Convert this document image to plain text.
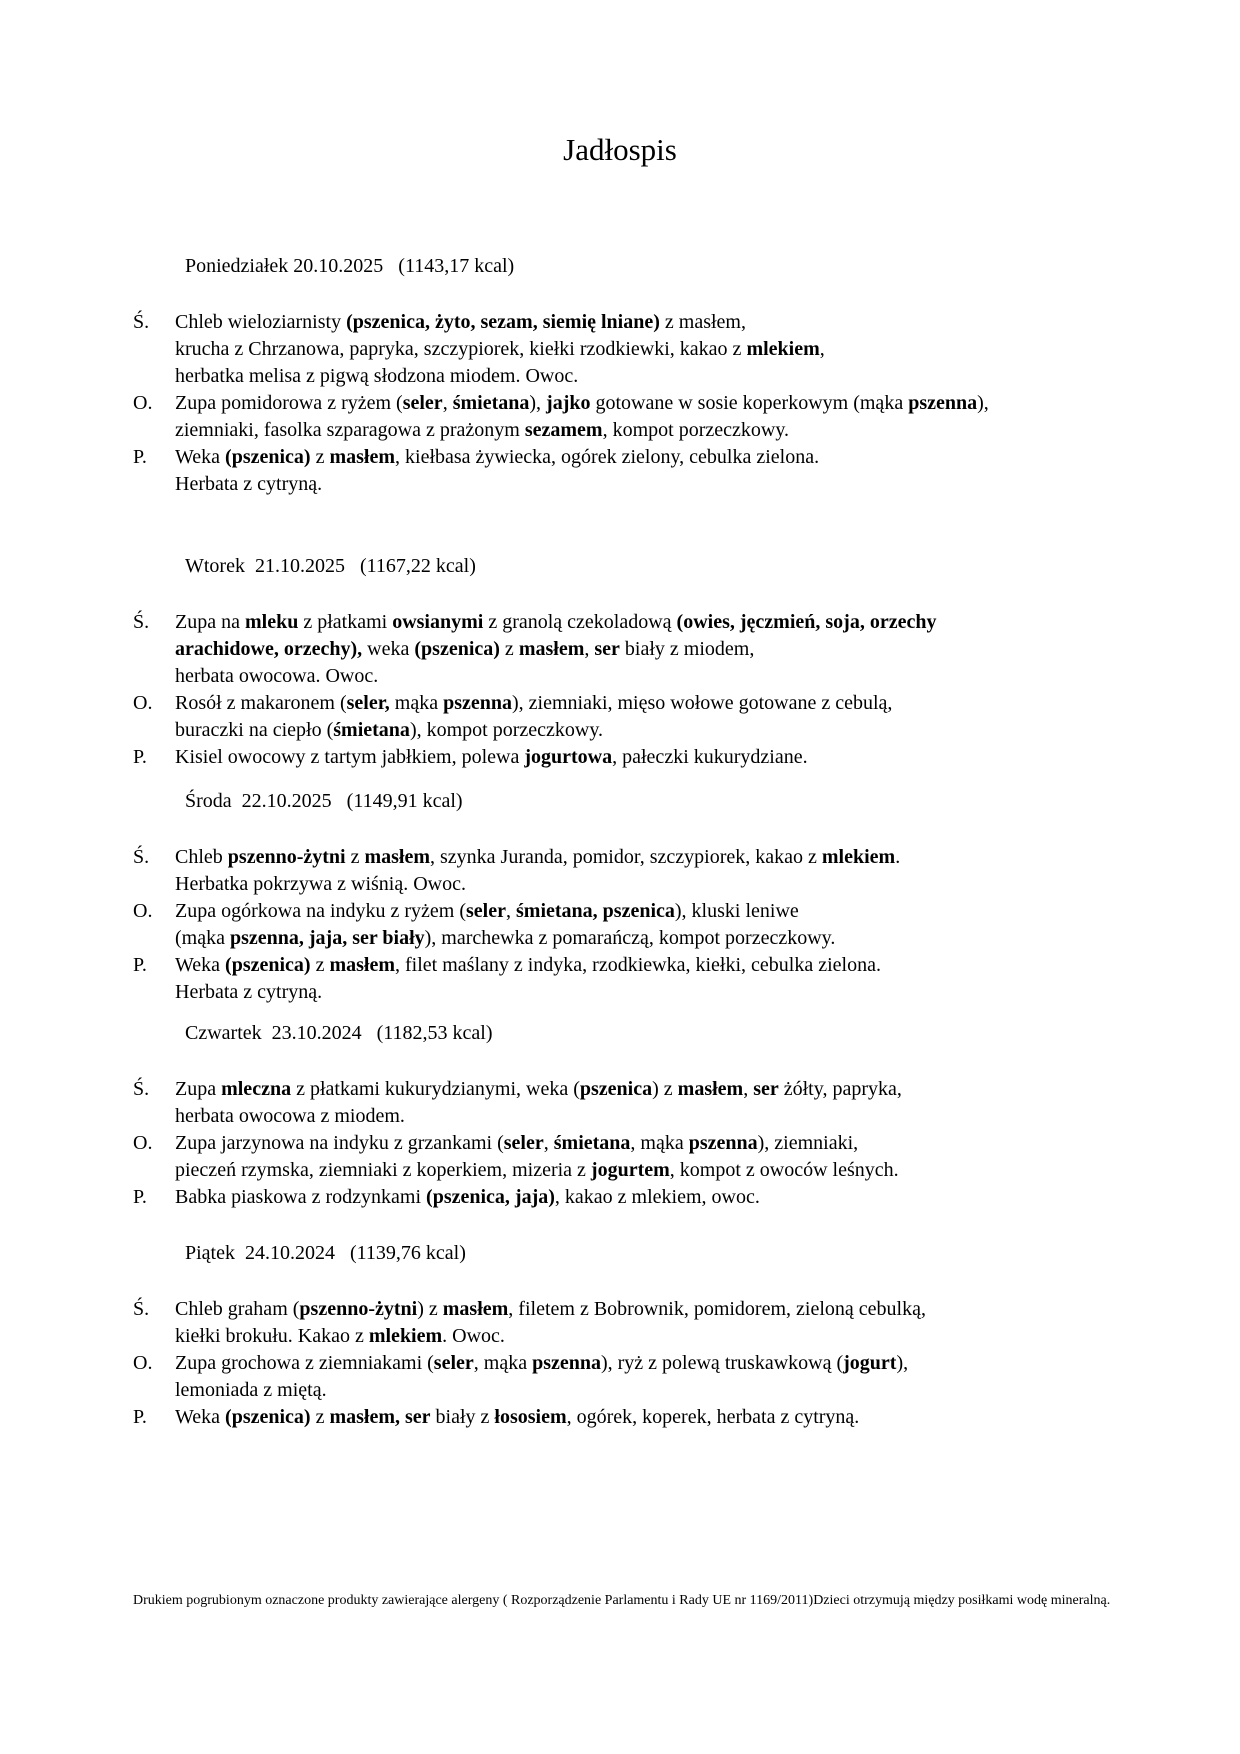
Jadłospis
Poniedziałek 20.10.2025   (1143,17 kcal)
Ś.	Chleb wieloziarnisty (pszenica, żyto, sezam, siemię lniane) z masłem,
krucha z Chrzanowa, papryka, szczypiorek, kiełki rzodkiewki, kakao z mlekiem,
herbatka melisa z pigwą słodzona miodem. Owoc.
O.	Zupa pomidorowa z ryżem (seler, śmietana), jajko gotowane w sosie koperkowym (mąka pszenna),
ziemniaki, fasolka szparagowa z prażonym sezamem, kompot porzeczkowy.
P.	Weka (pszenica) z masłem, kiełbasa żywiecka, ogórek zielony, cebulka zielona.
Herbata z cytryną.
Wtorek  21.10.2025   (1167,22 kcal)
Ś.	Zupa na mleku z płatkami owsianymi z granolą czekoladową (owies, jęczmień, soja, orzechy
arachidowe, orzechy), weka (pszenica) z masłem, ser biały z miodem,
herbata owocowa. Owoc.
O.	Rosół z makaronem (seler, mąka pszenna), ziemniaki, mięso wołowe gotowane z cebulą,
buraczki na ciepło (śmietana), kompot porzeczkowy.
P.	Kisiel owocowy z tartym jabłkiem, polewa jogurtowa, pałeczki kukurydziane.
Środa  22.10.2025   (1149,91 kcal)
Ś.	Chleb pszenno-żytni z masłem, szynka Juranda, pomidor, szczypiorek, kakao z mlekiem.
Herbatka pokrzywa z wiśnią. Owoc.
O.	Zupa ogórkowa na indyku z ryżem (seler, śmietana, pszenica), kluski leniwe
(mąka pszenna, jaja, ser biały), marchewka z pomarańczą, kompot porzeczkowy.
P.	Weka (pszenica) z masłem, filet maślany z indyka, rzodkiewka, kiełki, cebulka zielona.
Herbata z cytryną.
Czwartek  23.10.2024   (1182,53 kcal)
Ś.	Zupa mleczna z płatkami kukurydzianymi, weka (pszenica) z masłem, ser żółty, papryka,
herbata owocowa z miodem.
O.	Zupa jarzynowa na indyku z grzankami (seler, śmietana, mąka pszenna), ziemniaki,
pieczeń rzymska, ziemniaki z koperkiem, mizeria z jogurtem, kompot z owoców leśnych.
P.	Babka piaskowa z rodzynkami (pszenica, jaja), kakao z mlekiem, owoc.
Piątek  24.10.2024   (1139,76 kcal)
Ś.	Chleb graham (pszenno-żytni) z masłem, filetem z Bobrownik, pomidorem, zieloną cebulką,
kiełki brokułu. Kakao z mlekiem. Owoc.
O.	Zupa grochowa z ziemniakami (seler, mąka pszenna), ryż z polewą truskawkową (jogurt),
lemoniada z miętą.
P.	Weka (pszenica) z masłem, ser biały z łososiem, ogórek, koperek, herbata z cytryną.
Drukiem pogrubionym oznaczone produkty zawierające alergeny ( Rozporządzenie Parlamentu i Rady UE nr 1169/2011)Dzieci otrzymują między posiłkami wodę mineralną.
